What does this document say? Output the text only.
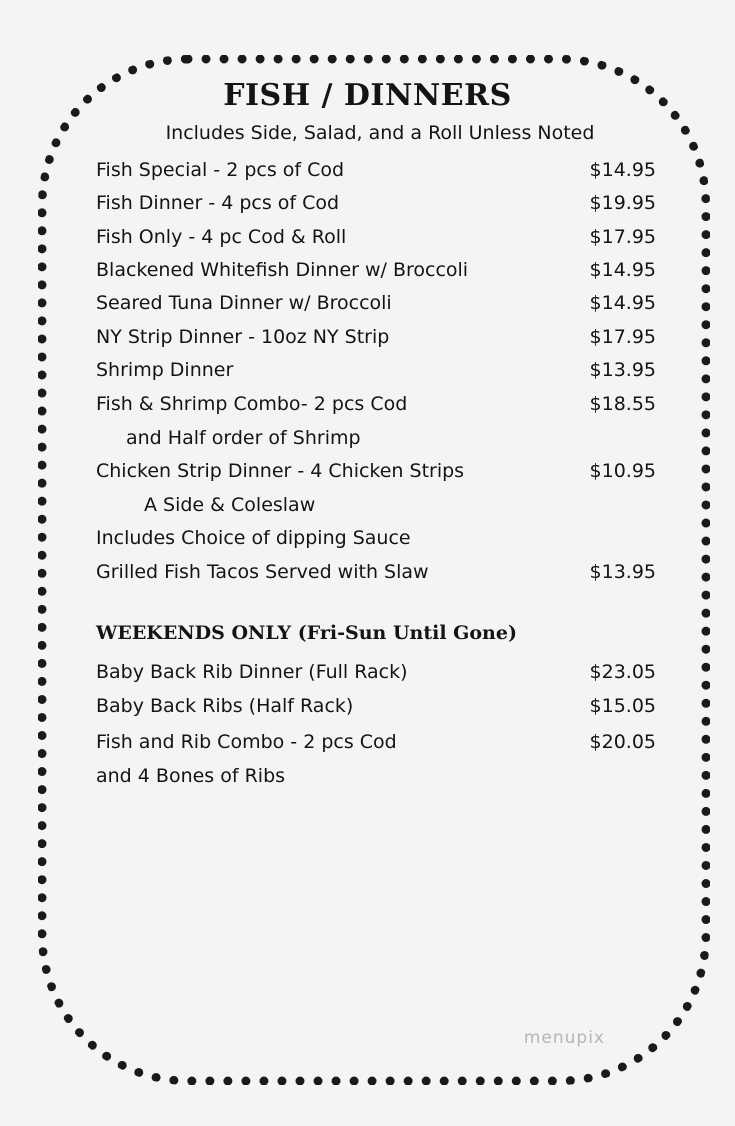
FISH / DINNERS
Includes Side, Salad, and a Roll Unless Noted
Fish Special - 2 pcs of Cod	$14.95
Fish Dinner - 4 pcs of Cod	$19.95
Fish Only - 4 pc Cod & Roll	$17.95
Blackened Whitefish Dinner w/ Broccoli	$14.95
Seared Tuna Dinner w/ Broccoli	$14.95
NY Strip Dinner - 10oz NY Strip	$17.95
Shrimp Dinner	$13.95
Fish & Shrimp Combo- 2 pcs Cod	$18.55
and Half order of Shrimp
Chicken Strip Dinner - 4 Chicken Strips	$10.95
A Side & Coleslaw
Includes Choice of dipping Sauce
Grilled Fish Tacos Served with Slaw	$13.95
WEEKENDS ONLY (Fri-Sun Until Gone)
Baby Back Rib Dinner (Full Rack)	$23.05
Baby Back Ribs (Half Rack)	$15.05
Fish and Rib Combo - 2 pcs Cod	$20.05
and 4 Bones of Ribs
menupix
